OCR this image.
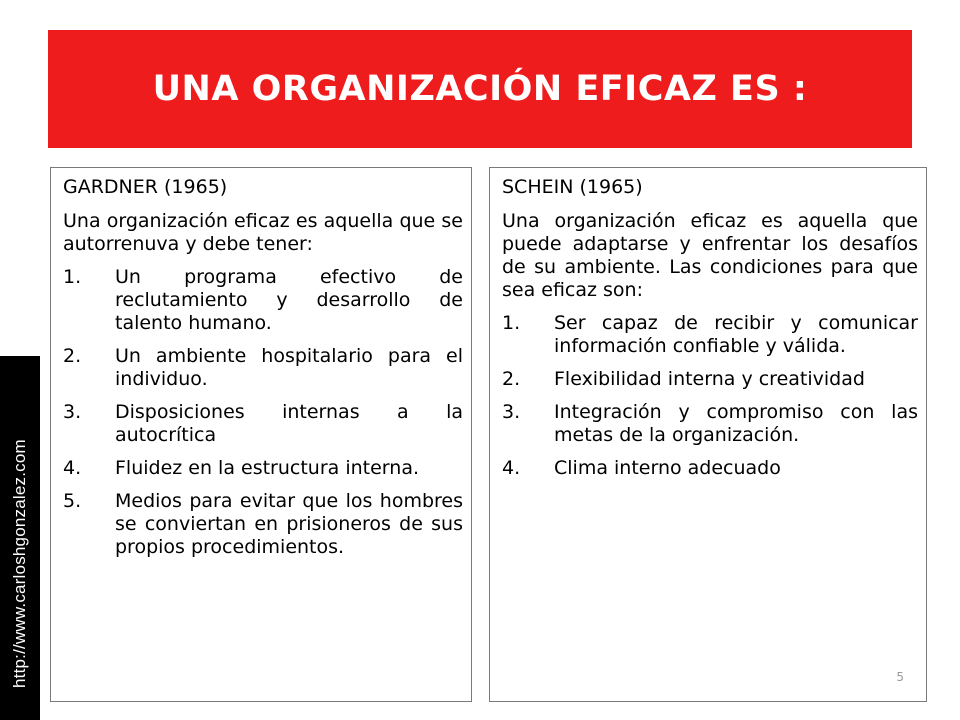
UNA ORGANIZACIÓN EFICAZ ES :

GARDNER (1965)

Una organización eficaz es aquella que se autorrenuva y debe tener:

1.	Un programa efectivo de reclutamiento y desarrollo de talento humano.
2.	Un ambiente hospitalario para el individuo.
3.	Disposiciones internas a la autocrítica
4.	Fluidez en la estructura interna.
5.	Medios para evitar que los hombres se conviertan en prisioneros de sus propios procedimientos.

SCHEIN (1965)

Una organización eficaz es aquella que puede adaptarse y enfrentar los desafíos de su ambiente. Las condiciones para que sea eficaz son:

1.	Ser capaz de recibir y comunicar información confiable y válida.
2.	Flexibilidad interna y creatividad
3.	Integración y compromiso con las metas de la organización.
4.	Clima interno adecuado
5
http://www.carloshgonzalez.com
